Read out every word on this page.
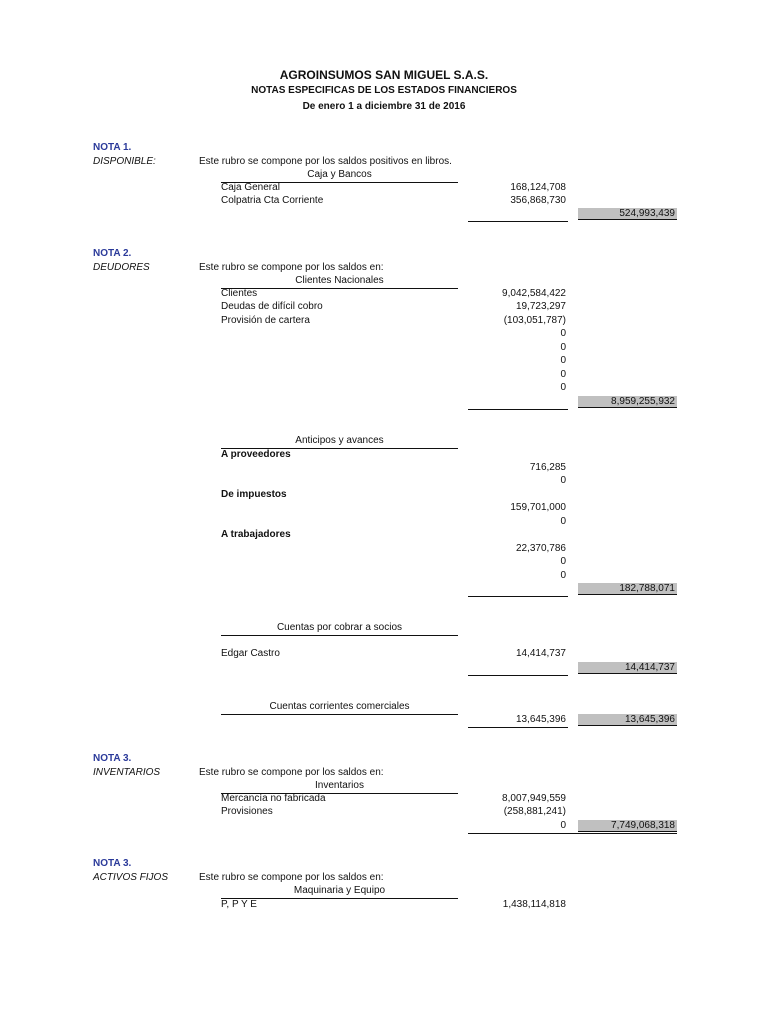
AGROINSUMOS SAN MIGUEL S.A.S.
NOTAS ESPECIFICAS DE LOS ESTADOS FINANCIEROS
De enero 1 a diciembre 31 de 2016
NOTA 1.
DISPONIBLE:	Este rubro se compone por los saldos positivos en libros.
Caja y Bancos
Caja General	168,124,708
Colpatria Cta Corriente	356,868,730
524,993,439
NOTA 2.
DEUDORES	Este rubro se compone por los saldos en:
Clientes Nacionales
Clientes	9,042,584,422
Deudas de difícil cobro	19,723,297
Provisión de cartera	(103,051,787)
0
0
0
0
0
8,959,255,932
Anticipos y avances
A proveedores
716,285
0
De impuestos
159,701,000
0
A trabajadores
22,370,786
0
0
182,788,071
Cuentas por cobrar a socios
Edgar Castro	14,414,737
14,414,737
Cuentas corrientes comerciales
13,645,396	13,645,396
NOTA 3.
INVENTARIOS	Este rubro se compone por los saldos en:
Inventarios
Mercancía no fabricada	8,007,949,559
Provisiones	(258,881,241)
0	7,749,068,318
NOTA 3.
ACTIVOS FIJOS	Este rubro se compone por los saldos en:
Maquinaria y Equipo
P, P Y E	1,438,114,818
